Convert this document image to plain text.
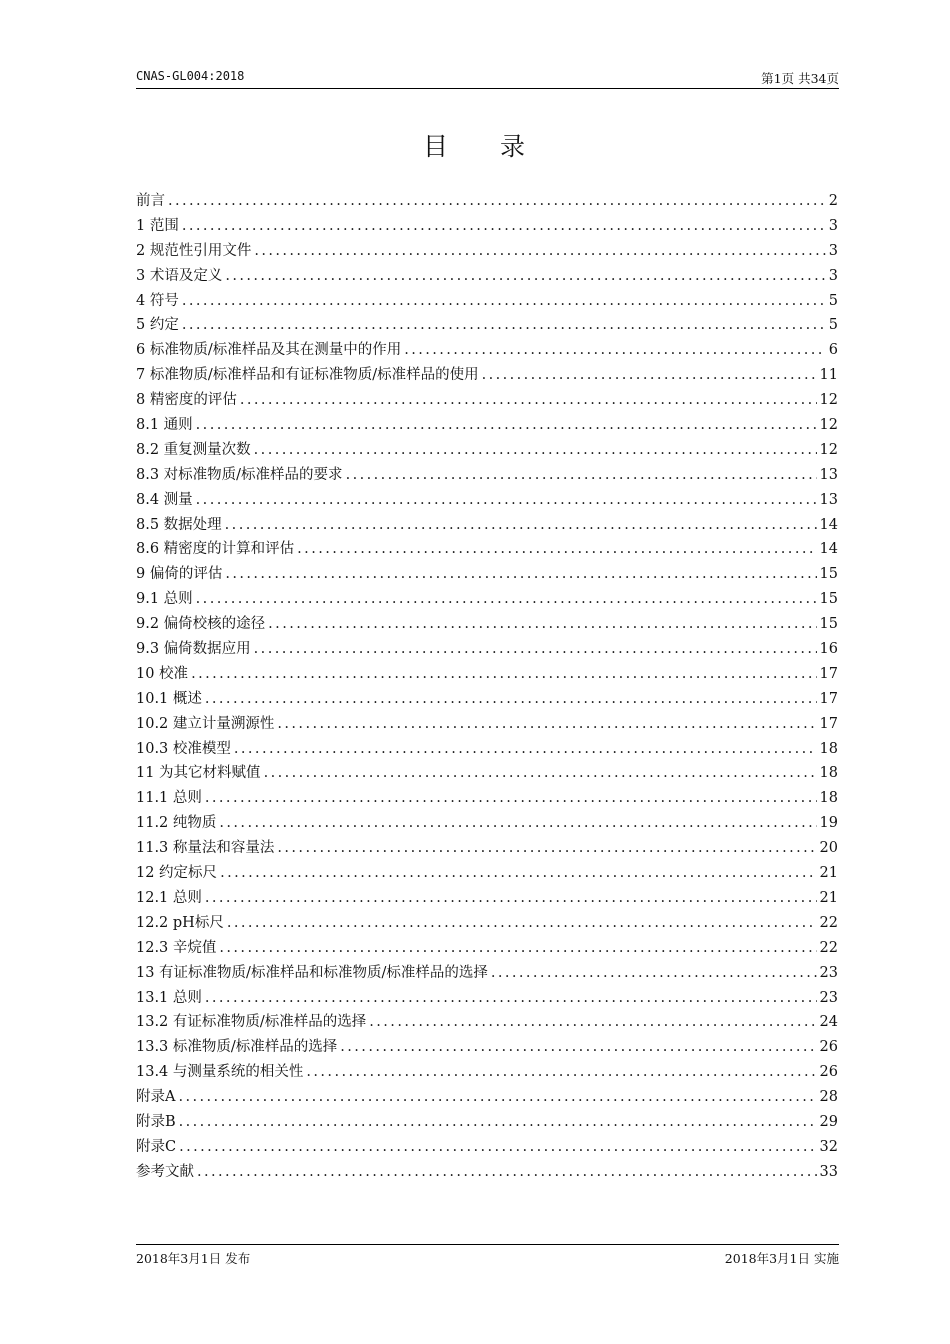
CNAS-GL004:2018	第1页 共34页
目 录
前言 .....	2
1 范围 .....	3
2 规范性引用文件 .....	3
3 术语及定义 .....	3
4 符号 .....	5
5 约定 .....	5
6 标准物质/标准样品及其在测量中的作用 .....	6
7 标准物质/标准样品和有证标准物质/标准样品的使用 .....	11
8 精密度的评估 .....	12
8.1 通则 .....	12
8.2 重复测量次数 .....	12
8.3 对标准物质/标准样品的要求 .....	13
8.4 测量 .....	13
8.5 数据处理 .....	14
8.6 精密度的计算和评估 .....	14
9 偏倚的评估 .....	15
9.1 总则 .....	15
9.2 偏倚校核的途径 .....	15
9.3 偏倚数据应用 .....	16
10 校准 .....	17
10.1 概述 .....	17
10.2 建立计量溯源性 .....	17
10.3 校准模型 .....	18
11 为其它材料赋值 .....	18
11.1 总则 .....	18
11.2 纯物质 .....	19
11.3 称量法和容量法 .....	20
12 约定标尺 .....	21
12.1 总则 .....	21
12.2 pH标尺 .....	22
12.3 辛烷值 .....	22
13 有证标准物质/标准样品和标准物质/标准样品的选择 .....	23
13.1 总则 .....	23
13.2 有证标准物质/标准样品的选择 .....	24
13.3 标准物质/标准样品的选择 .....	26
13.4 与测量系统的相关性 .....	26
附录A .....	28
附录B .....	29
附录C .....	32
参考文献 .....	33
2018年3月1日 发布	2018年3月1日 实施
